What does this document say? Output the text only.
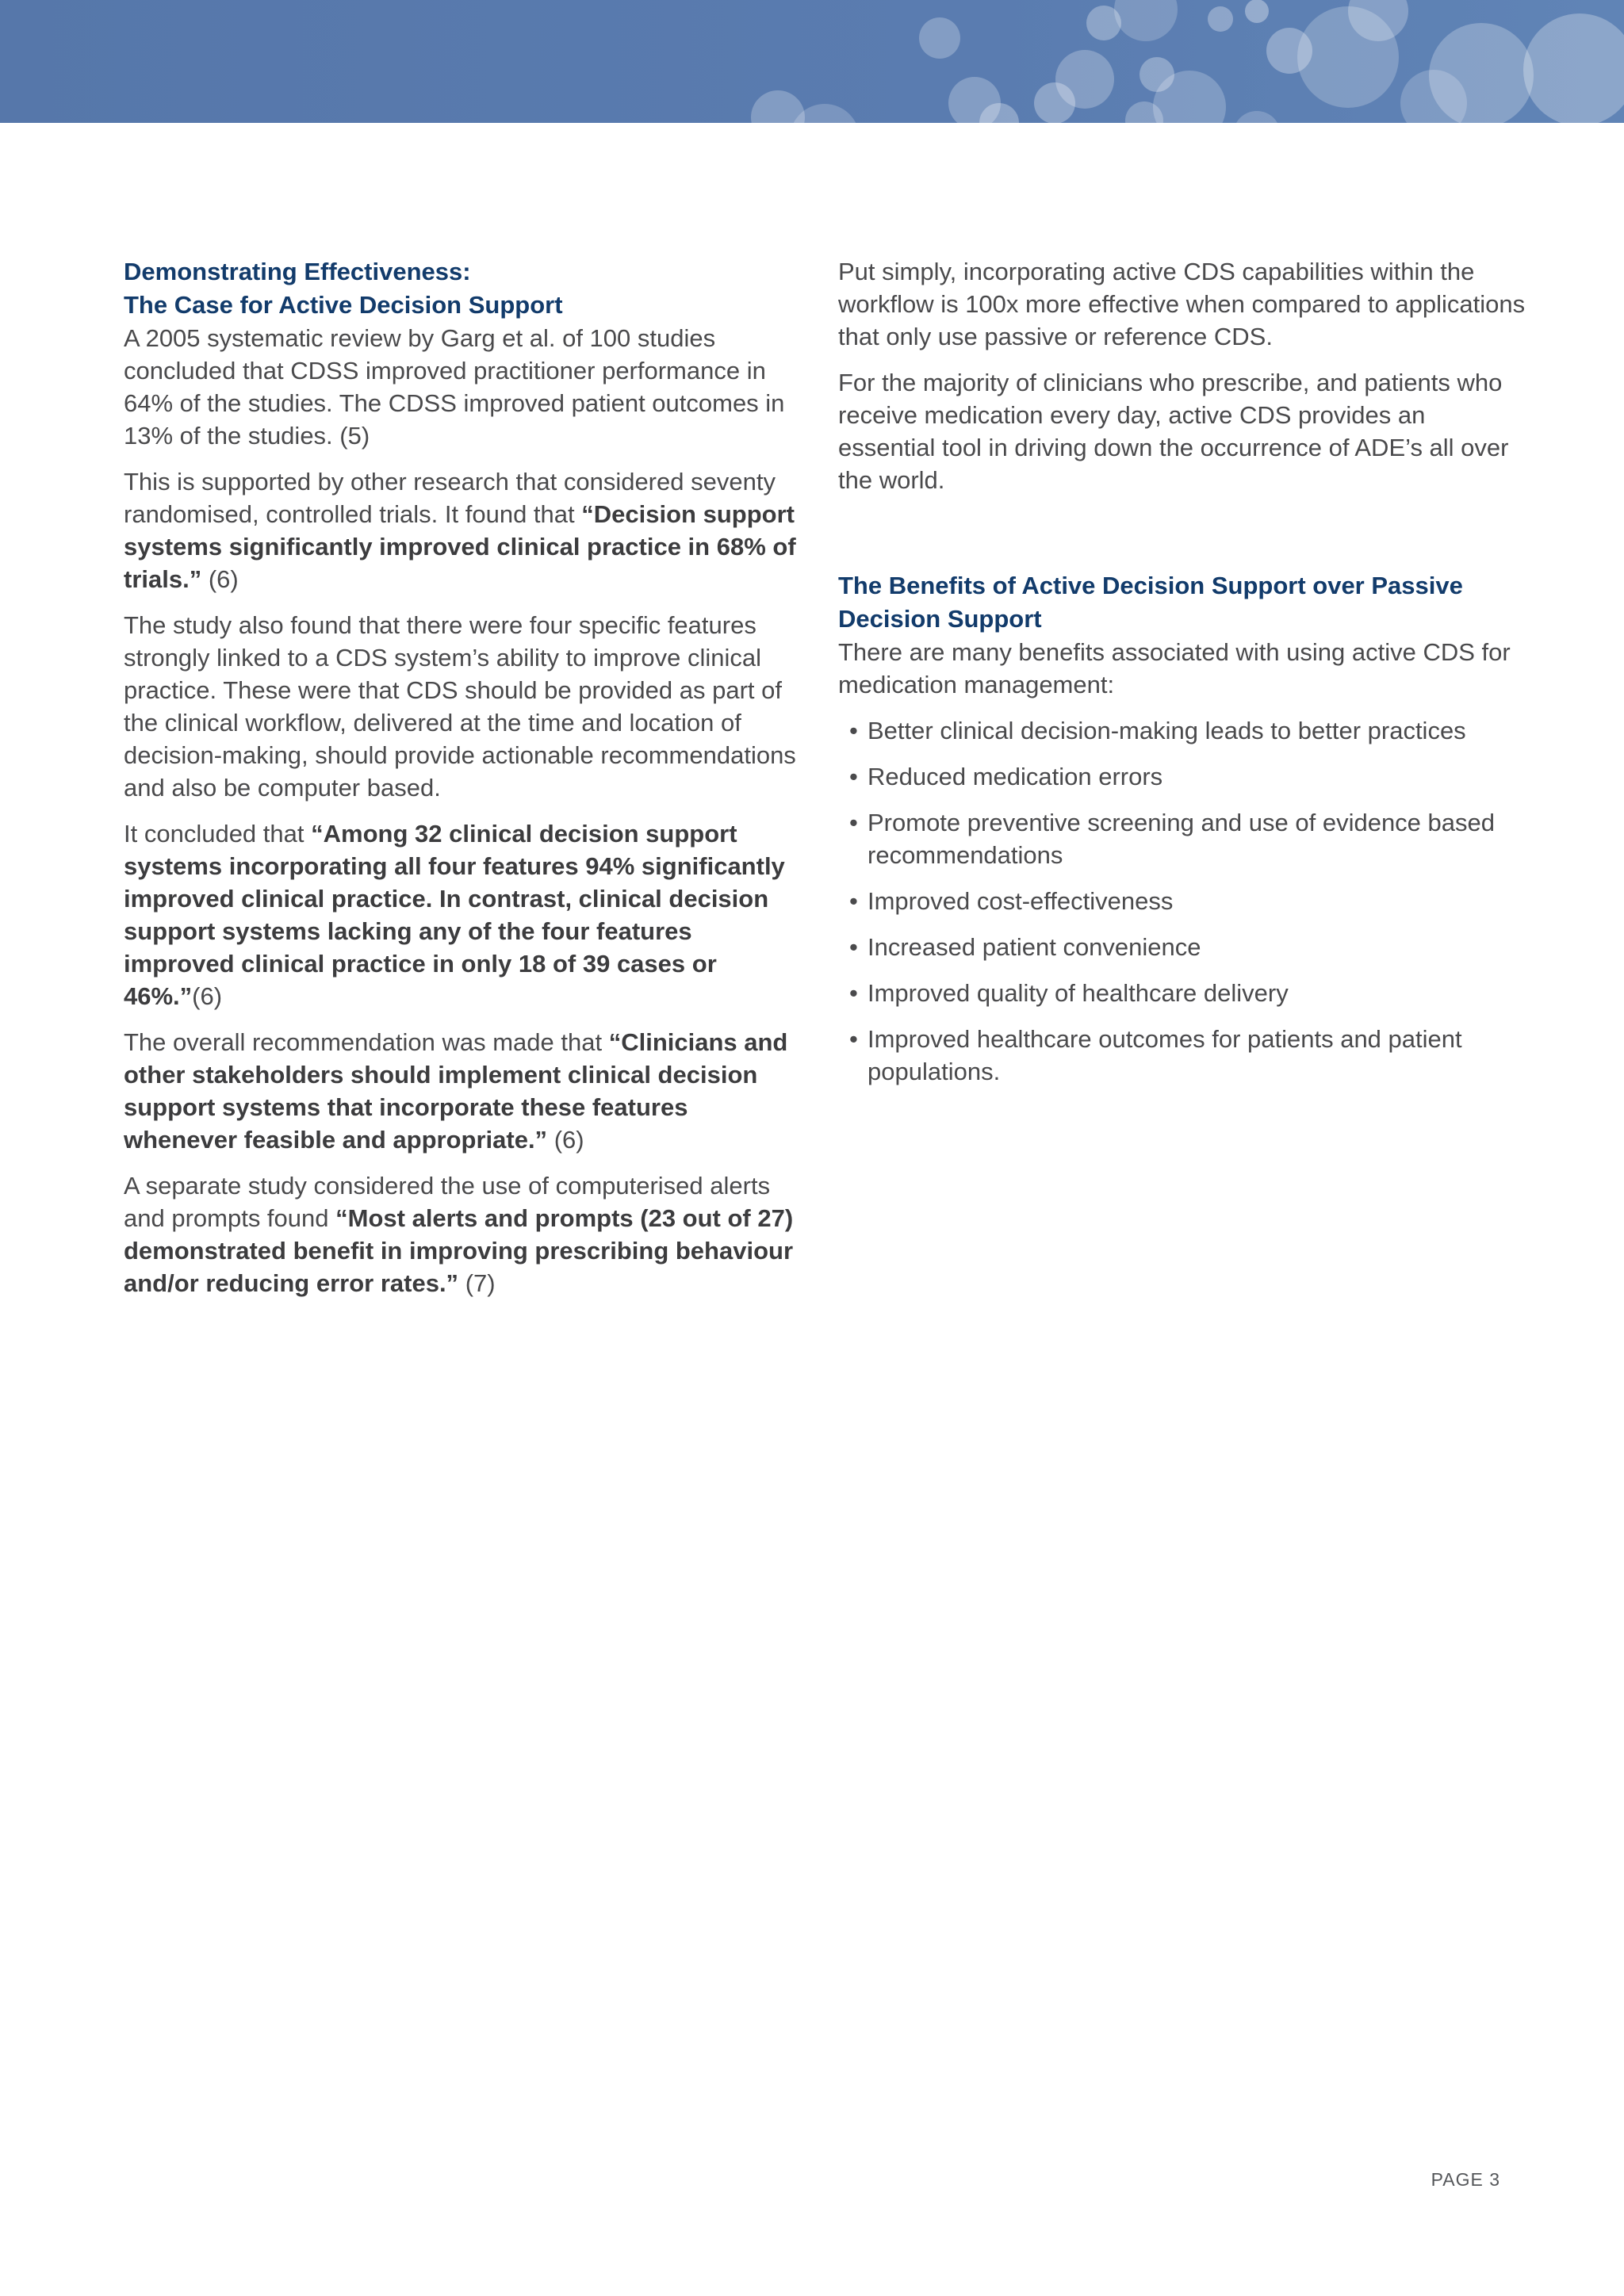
Demonstrating Effectiveness:
The Case for Active Decision Support

A 2005 systematic review by Garg et al. of 100 studies concluded that CDSS improved practitioner performance in 64% of the studies. The CDSS improved patient outcomes in 13% of the studies. (5)

This is supported by other research that considered seventy randomised, controlled trials. It found that “Decision support systems significantly improved clinical practice in 68% of trials.” (6)

The study also found that there were four specific features strongly linked to a CDS system’s ability to improve clinical practice. These were that CDS should be provided as part of the clinical workflow, delivered at the time and location of decision-making, should provide actionable recommendations and also be computer based.

It concluded that “Among 32 clinical decision support systems incorporating all four features 94% significantly improved clinical practice. In contrast, clinical decision support systems lacking any of the four features improved clinical practice in only 18 of 39 cases or 46%.”(6)

The overall recommendation was made that “Clinicians and other stakeholders should implement clinical decision support systems that incorporate these features whenever feasible and appropriate.” (6)

A separate study considered the use of computerised alerts and prompts found “Most alerts and prompts (23 out of 27) demonstrated benefit in improving prescribing behaviour and/or reducing error rates.” (7)

Put simply, incorporating active CDS capabilities within the workflow is 100x more effective when compared to applications that only use passive or reference CDS.

For the majority of clinicians who prescribe, and patients who receive medication every day, active CDS provides an essential tool in driving down the occurrence of ADE’s all over the world.

The Benefits of Active Decision Support over Passive
Decision Support

There are many benefits associated with using active CDS for medication management:

• Better clinical decision-making leads to better practices
• Reduced medication errors
• Promote preventive screening and use of evidence based recommendations
• Improved cost-effectiveness
• Increased patient convenience
• Improved quality of healthcare delivery
• Improved healthcare outcomes for patients and patient populations.
PAGE 3
